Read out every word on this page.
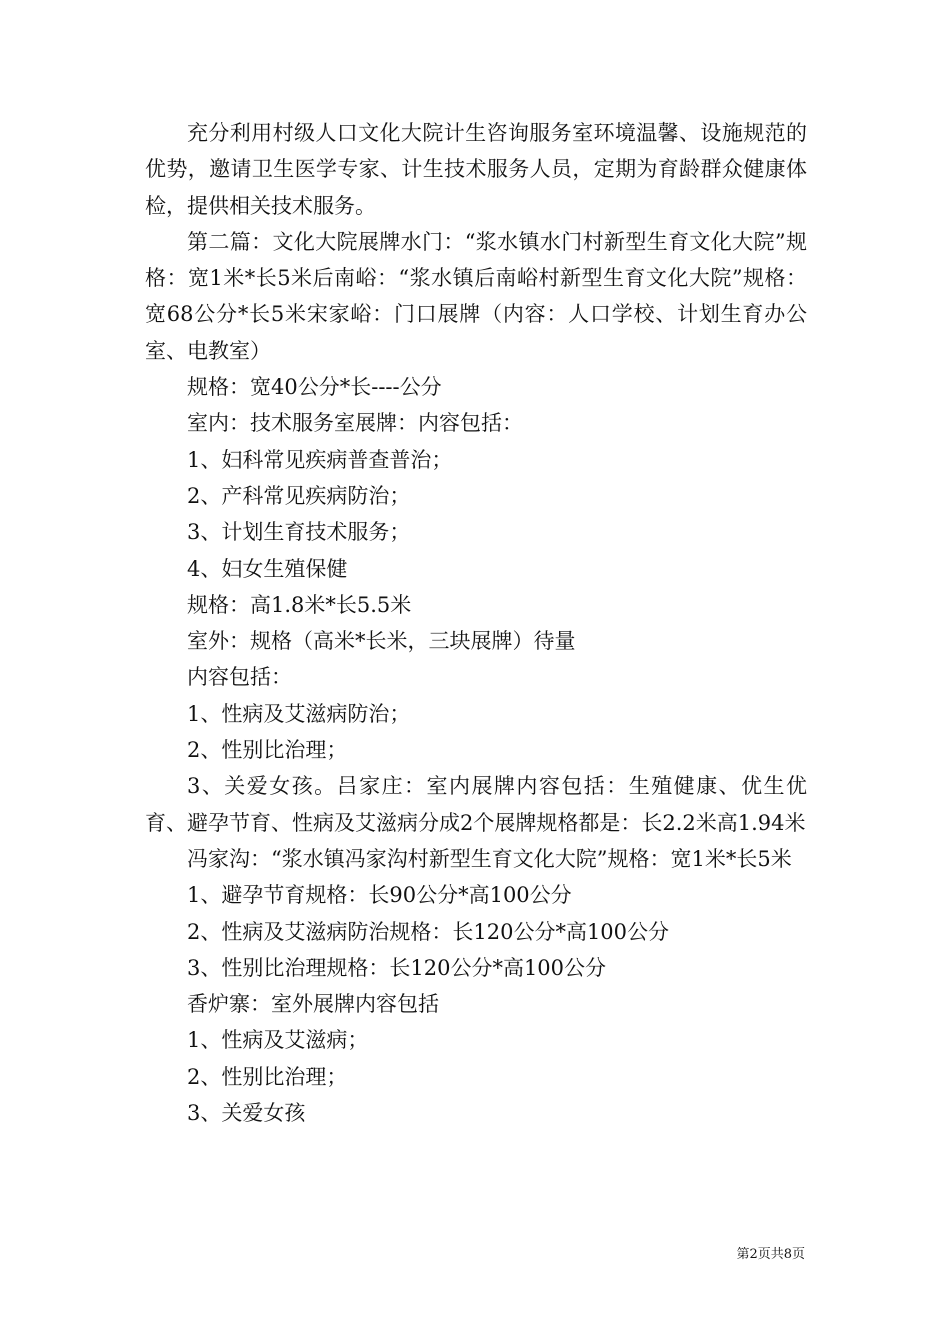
充分利用村级人口文化大院计生咨询服务室环境温馨、设施规范的优势，邀请卫生医学专家、计生技术服务人员，定期为育龄群众健康体检，提供相关技术服务。

第二篇：文化大院展牌水门：“浆水镇水门村新型生育文化大院”规格：宽1米*长5米后南峪：“浆水镇后南峪村新型生育文化大院”规格：宽68公分*长5米宋家峪：门口展牌（内容：人口学校、计划生育办公室、电教室）

规格：宽40公分*长----公分

室内：技术服务室展牌：内容包括：

1、妇科常见疾病普查普治；

2、产科常见疾病防治；

3、计划生育技术服务；

4、妇女生殖保健

规格：高1.8米*长5.5米

室外：规格（高米*长米，三块展牌）待量

内容包括：

1、性病及艾滋病防治；

2、性别比治理；

3、关爱女孩。吕家庄：室内展牌内容包括：生殖健康、优生优育、避孕节育、性病及艾滋病分成2个展牌规格都是：长2.2米高1.94米

冯家沟：“浆水镇冯家沟村新型生育文化大院”规格：宽1米*长5米

1、避孕节育规格：长90公分*高100公分

2、性病及艾滋病防治规格：长120公分*高100公分

3、性别比治理规格：长120公分*高100公分

香炉寨：室外展牌内容包括

1、性病及艾滋病；

2、性别比治理；

3、关爱女孩

第2页共8页
